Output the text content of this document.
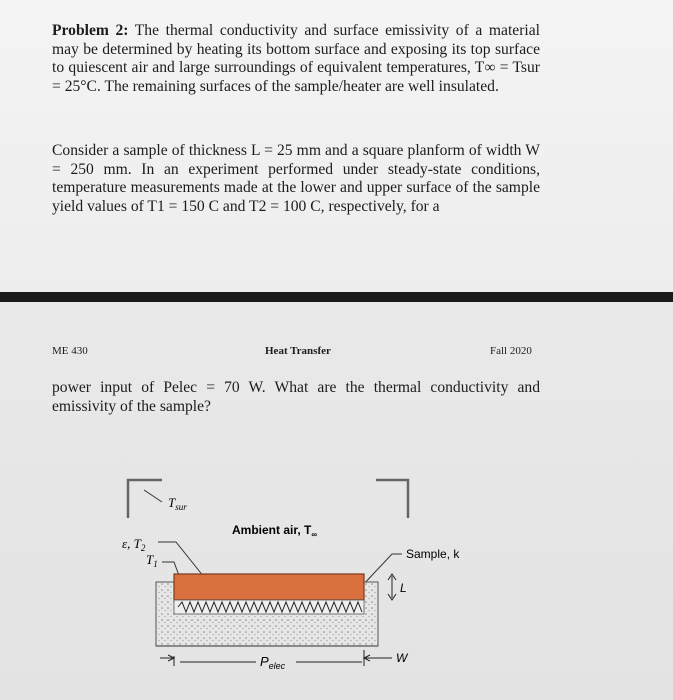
Problem 2: The thermal conductivity and surface emissivity of a material may be determined by heating its bottom surface and exposing its top surface to quiescent air and large surroundings of equivalent temperatures, T∞ = Tsur = 25°C. The remaining surfaces of the sample/heater are well insulated.

Consider a sample of thickness L = 25 mm and a square planform of width W = 250 mm. In an experiment performed under steady-state conditions, temperature measurements made at the lower and upper surface of the sample yield values of T1 = 150 C and T2 = 100 C, respectively, for a

ME 430	Heat Transfer	Fall 2020

power input of Pelec = 70 W. What are the thermal conductivity and emissivity of the sample?

$T_{sur}$
Ambient air, $T_\infty$
ε, $T_2$
$T_1$
Sample, k
L
W
$P_{elec}$
